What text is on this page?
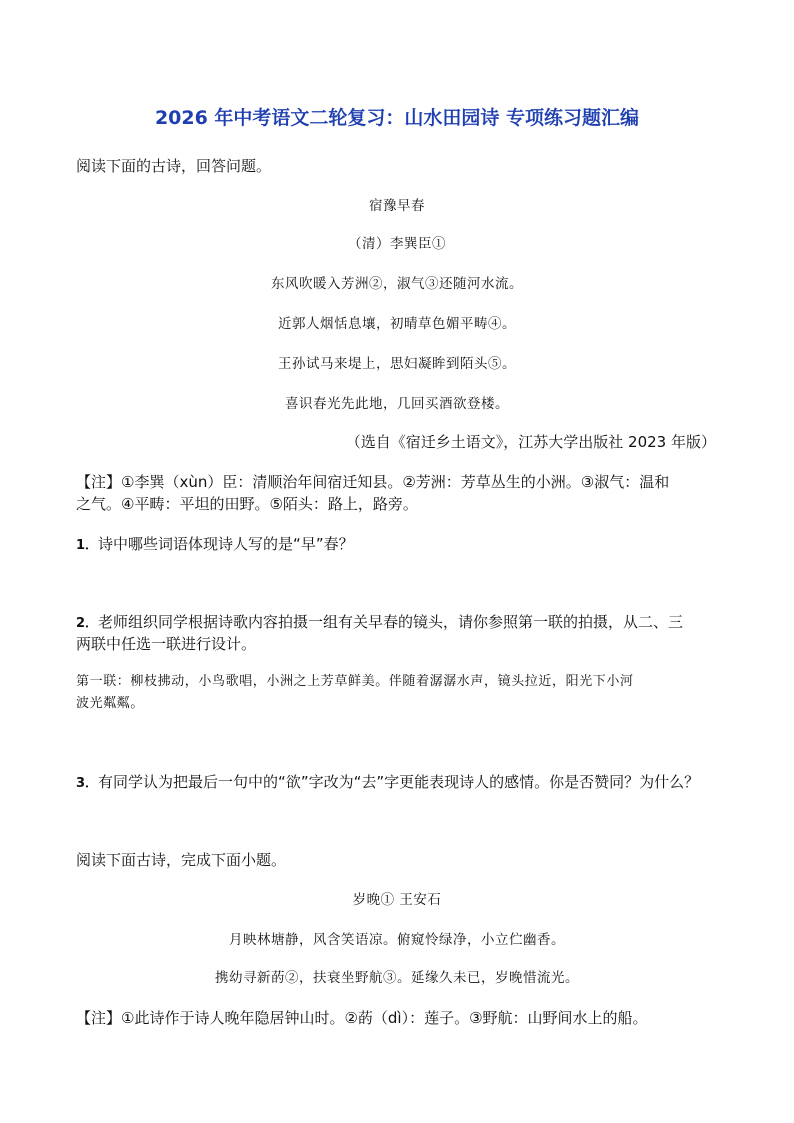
2026 年中考语文二轮复习：山水田园诗 专项练习题汇编
阅读下面的古诗，回答问题。
宿豫早春
（清）李巽臣①
东风吹暖入芳洲②，淑气③还随河水流。
近郭人烟恬息壤，初晴草色媚平畴④。
王孙试马来堤上，思妇凝眸到陌头⑤。
喜识春光先此地，几回买酒欲登楼。
（选自《宿迁乡土语文》，江苏大学出版社 2023 年版）
【注】①李巽（xùn）臣：清顺治年间宿迁知县。②芳洲：芳草丛生的小洲。③淑气：温和
之气。④平畴：平坦的田野。⑤陌头：路上，路旁。
1．诗中哪些词语体现诗人写的是“早”春？
2．老师组织同学根据诗歌内容拍摄一组有关早春的镜头，请你参照第一联的拍摄，从二、三
两联中任选一联进行设计。
第一联：柳枝拂动，小鸟歌唱，小洲之上芳草鲜美。伴随着潺潺水声，镜头拉近，阳光下小河
波光粼粼。
3．有同学认为把最后一句中的“欲”字改为“去”字更能表现诗人的感情。你是否赞同？为什么？
阅读下面古诗，完成下面小题。
岁晚① 王安石
月映林塘静，风含笑语凉。俯窥怜绿净，小立伫幽香。
携幼寻新菂②，扶衰坐野航③。延缘久未已，岁晚惜流光。
【注】①此诗作于诗人晚年隐居钟山时。②菂（dì）：莲子。③野航：山野间水上的船。
